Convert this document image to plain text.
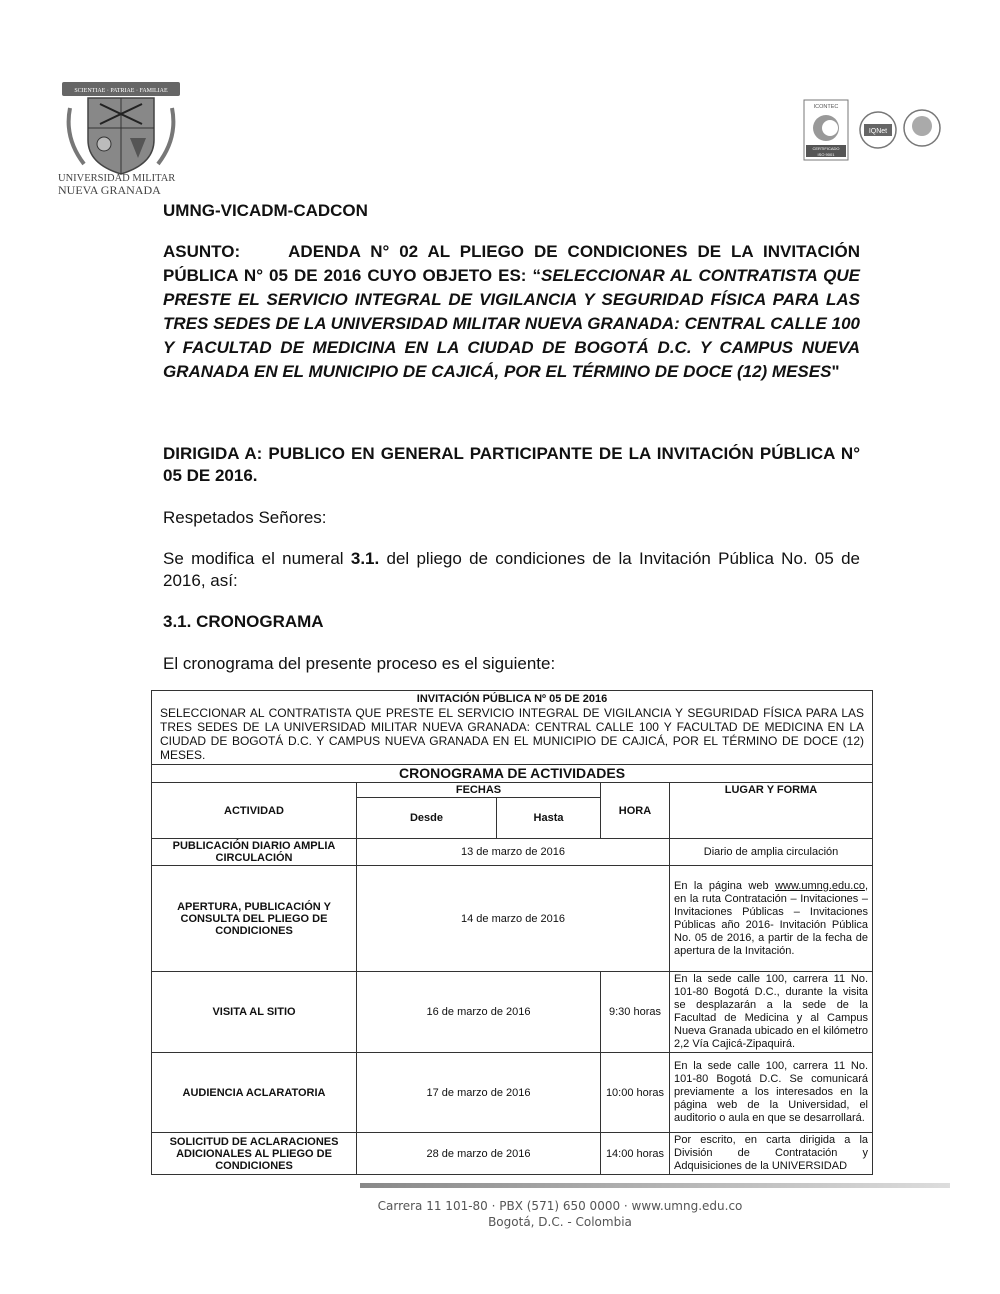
SCIENTIAE · PATRIAE · FAMILIAE
UNIVERSIDAD MILITAR
NUEVA GRANADA
ICONTEC
CERTIFICADO
ISO 9001
IQNet
UMNG-VICADM-CADCON
ASUNTO:	ADENDA N° 02 AL PLIEGO DE CONDICIONES DE LA INVITACIÓN PÚBLICA N° 05 DE 2016 CUYO OBJETO ES: “SELECCIONAR AL CONTRATISTA QUE PRESTE EL SERVICIO INTEGRAL DE VIGILANCIA Y SEGURIDAD FÍSICA PARA LAS TRES SEDES DE LA UNIVERSIDAD MILITAR NUEVA GRANADA: CENTRAL CALLE 100 Y FACULTAD DE MEDICINA EN LA CIUDAD DE BOGOTÁ D.C. Y CAMPUS NUEVA GRANADA EN EL MUNICIPIO DE CAJICÁ, POR EL TÉRMINO DE DOCE (12) MESES"
DIRIGIDA A: PUBLICO EN GENERAL PARTICIPANTE DE LA INVITACIÓN PÚBLICA N° 05 DE 2016.
Respetados Señores:
Se modifica el numeral 3.1. del pliego de condiciones de la Invitación Pública No. 05 de 2016, así:
3.1. CRONOGRAMA
El cronograma del presente proceso es el siguiente:
INVITACIÓN PÚBLICA Nº 05 DE 2016
SELECCIONAR AL CONTRATISTA QUE PRESTE EL SERVICIO INTEGRAL DE VIGILANCIA Y SEGURIDAD FÍSICA PARA LAS TRES SEDES DE LA UNIVERSIDAD MILITAR NUEVA GRANADA: CENTRAL CALLE 100 Y FACULTAD DE MEDICINA EN LA CIUDAD DE BOGOTÁ D.C. Y CAMPUS NUEVA GRANADA EN EL MUNICIPIO DE CAJICÁ, POR EL TÉRMINO DE DOCE (12) MESES.				

CRONOGRAMA DE ACTIVIDADES				
ACTIVIDAD	FECHAS		HORA	LUGAR Y FORMA
	Desde	Hasta		
PUBLICACIÓN DIARIO AMPLIA CIRCULACIÓN	13 de marzo de 2016			Diario de amplia circulación
APERTURA, PUBLICACIÓN Y CONSULTA DEL PLIEGO DE CONDICIONES	14 de marzo de 2016			En la página web www.umng.edu.co, en la ruta Contratación – Invitaciones – Invitaciones Públicas – Invitaciones Públicas año 2016- Invitación Pública No. 05 de 2016, a partir de la fecha de apertura de la Invitación.
VISITA AL SITIO	16 de marzo de 2016		9:30 horas	En la sede calle 100, carrera 11 No. 101-80 Bogotá D.C., durante la visita se desplazarán a la sede de la Facultad de Medicina y al Campus Nueva Granada ubicado en el kilómetro 2,2 Vía Cajicá-Zipaquirá.
AUDIENCIA ACLARATORIA	17 de marzo de 2016		10:00 horas	En la sede calle 100, carrera 11 No. 101-80 Bogotá D.C. Se comunicará previamente a los interesados en la página web de la Universidad, el auditorio o aula en que se desarrollará.
SOLICITUD DE ACLARACIONES ADICIONALES AL PLIEGO DE CONDICIONES	28 de marzo de 2016		14:00 horas	Por escrito, en carta dirigida a la División de Contratación y Adquisiciones de la UNIVERSIDAD
Carrera 11 101-80 · PBX (571) 650 0000 · www.umng.edu.co
Bogotá, D.C. - Colombia
